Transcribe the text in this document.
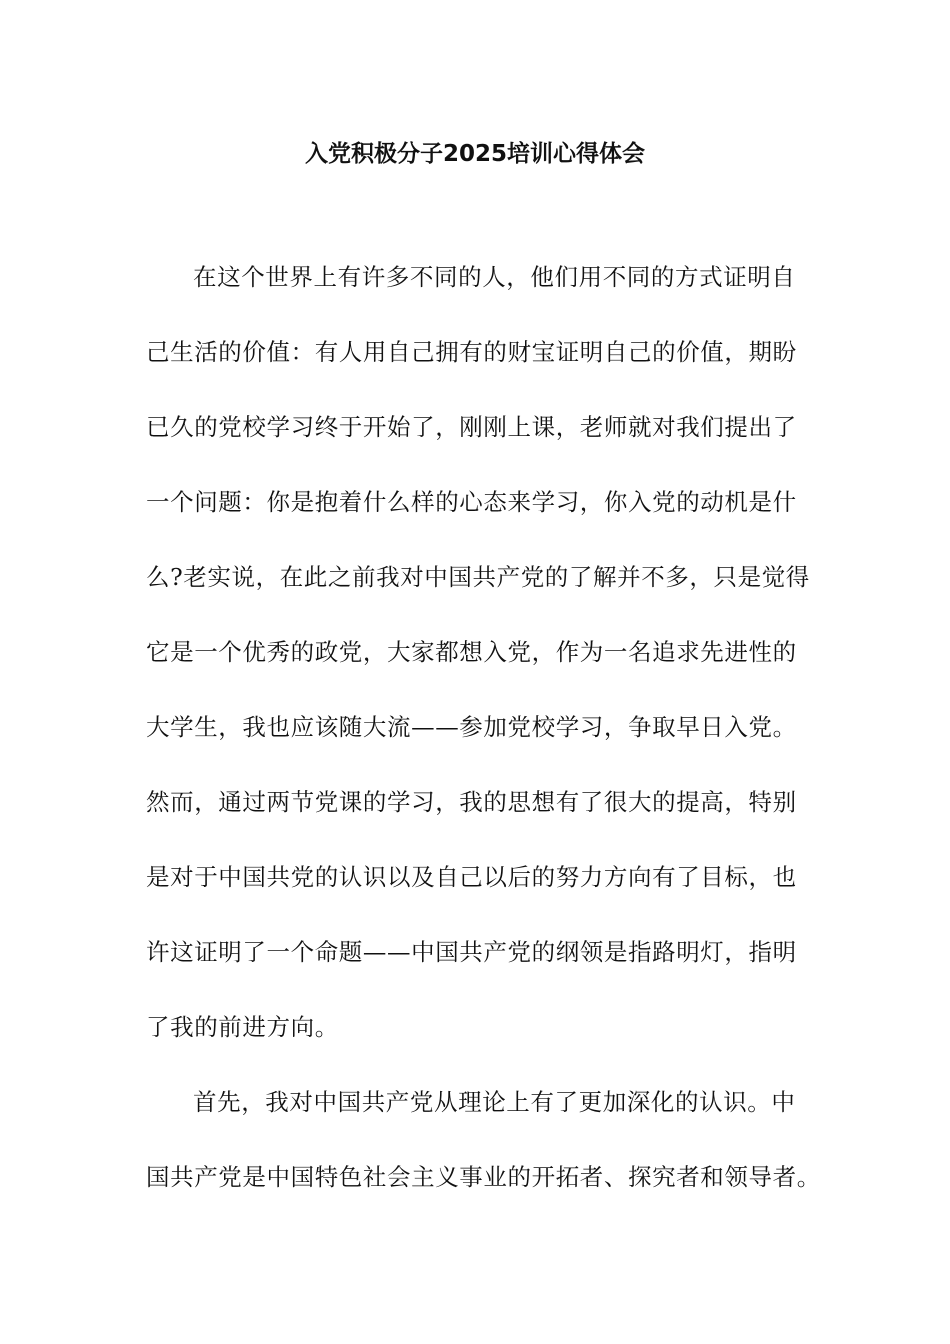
入党积极分子2025培训心得体会
在这个世界上有许多不同的人，他们用不同的方式证明自
己生活的价值：有人用自己拥有的财宝证明自己的价值，期盼
已久的党校学习终于开始了，刚刚上课，老师就对我们提出了
一个问题：你是抱着什么样的心态来学习，你入党的动机是什
么?老实说，在此之前我对中国共产党的了解并不多，只是觉得
它是一个优秀的政党，大家都想入党，作为一名追求先进性的
大学生，我也应该随大流——参加党校学习，争取早日入党。
然而，通过两节党课的学习，我的思想有了很大的提高，特别
是对于中国共党的认识以及自己以后的努力方向有了目标，也
许这证明了一个命题——中国共产党的纲领是指路明灯，指明
了我的前进方向。
首先，我对中国共产党从理论上有了更加深化的认识。中
国共产党是中国特色社会主义事业的开拓者、探究者和领导者。
